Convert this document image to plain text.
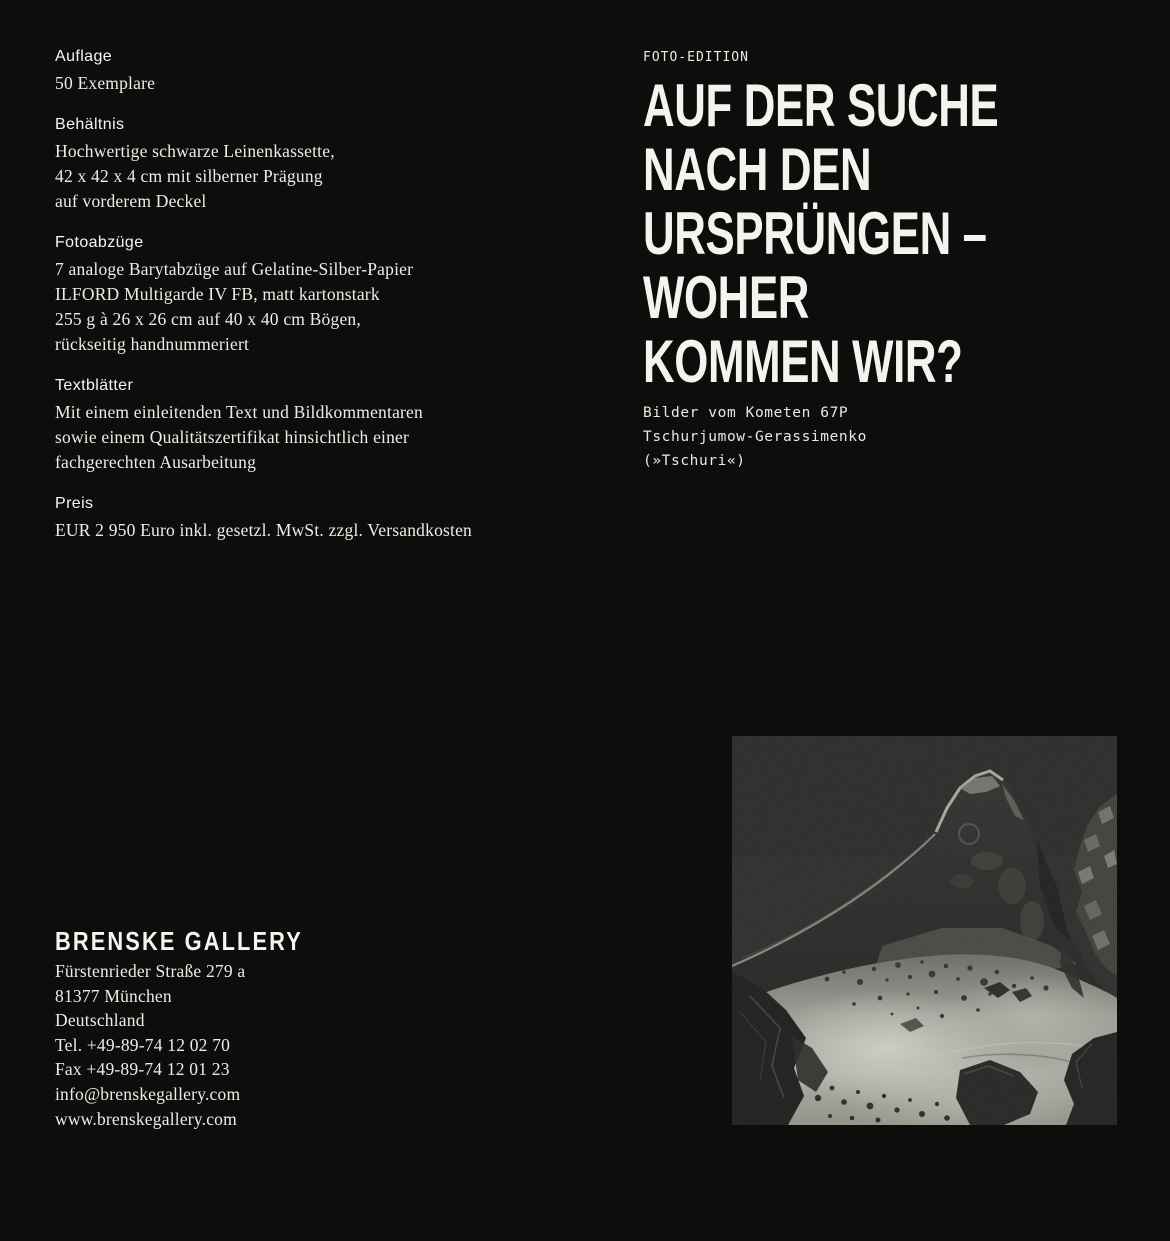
Auflage
50 Exemplare
Behältnis
Hochwertige schwarze Leinenkassette,
42 x 42 x 4 cm mit silberner Prägung
auf vorderem Deckel
Fotoabzüge
7 analoge Barytabzüge auf Gelatine-Silber-Papier
ILFORD Multigarde IV FB, matt kartonstark
255 g à 26 x 26 cm auf 40 x 40 cm Bögen,
rückseitig handnummeriert
Textblätter
Mit einem einleitenden Text und Bildkommentaren
sowie einem Qualitätszertifikat hinsichtlich einer
fachgerechten Ausarbeitung
Preis
EUR 2 950 Euro inkl. gesetzl. MwSt. zzgl. Versandkosten
FOTO-EDITION
AUF DER SUCHE
NACH DEN
URSPRÜNGEN –
WOHER
KOMMEN WIR?
Bilder vom Kometen 67P
Tschurjumow-Gerassimenko
(»Tschuri«)
BRENSKE GALLERY
Fürstenrieder Straße 279 a
81377 München
Deutschland
Tel. +49-89-74 12 02 70
Fax +49-89-74 12 01 23
info@brenskegallery.com
www.brenskegallery.com
